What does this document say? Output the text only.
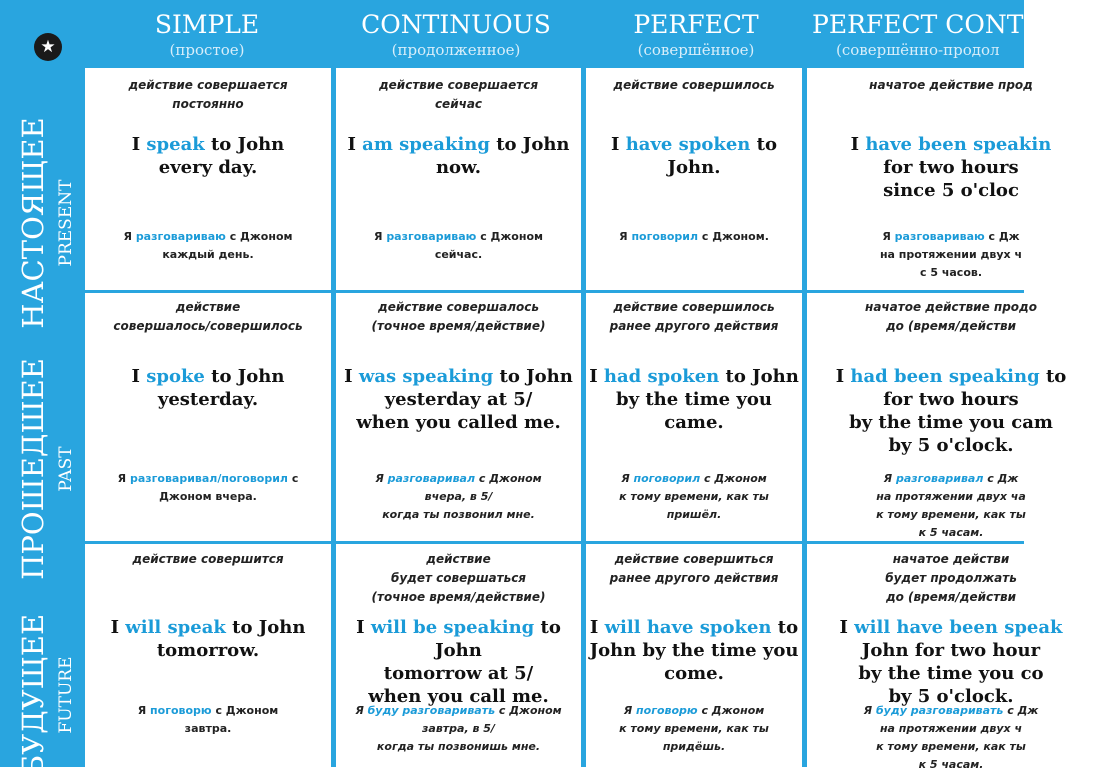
★
SIMPLE
(простое)
CONTINUOUS
(продолженное)
PERFECT
(совершённое)
PERFECT CONTI
(совершённо-продол
НАСТОЯЩЕЕ PRESENT
ПРОШЕДШЕЕ PAST
БУДУЩЕЕ FUTURE
действие совершается
постоянно
I speak to John
every day.
Я разговариваю с Джоном
каждый день.
действие совершается
сейчас
I am speaking to John
now.
Я разговариваю с Джоном
сейчас.
действие совершилось
I have spoken to John.
Я поговорил с Джоном.
начатое действие прод
I have been speakin
for two hours
since 5 o'cloc
Я разговариваю с Дж
на протяжении двух ч
с 5 часов.
действие
совершалось/совершилось
I spoke to John
yesterday.
Я разговаривал/поговорил с
Джоном вчера.
действие совершалось
(точное время/действие)
I was speaking to John
yesterday at 5/
when you called me.
Я разговаривал с Джоном
вчера, в 5/
когда ты позвонил мне.
действие совершилось
ранее другого действия
I had spoken to John
by the time you came.
Я поговорил с Джоном
к тому времени, как ты
пришёл.
начатое действие продо
до (время/действи
I had been speaking to
for two hours
by the time you cam
by 5 o'clock.
Я разговаривал с Дж
на протяжении двух ча
к тому времени, как ты
к 5 часам.
действие совершится
I will speak to John
tomorrow.
Я поговорю с Джоном
завтра.
действие
будет совершаться
(точное время/действие)
I will be speaking to John
tomorrow at 5/
when you call me.
Я буду разговаривать с Джоном
завтра, в 5/
когда ты позвонишь мне.
действие совершиться
ранее другого действия
I will have spoken to
John by the time you
come.
Я поговорю с Джоном
к тому времени, как ты
придёшь.
начатое действи
будет продолжать
до (время/действи
I will have been speak
John for two hour
by the time you co
by 5 o'clock.
Я буду разговаривать с Дж
на протяжении двух ч
к тому времени, как ты
к 5 часам.
